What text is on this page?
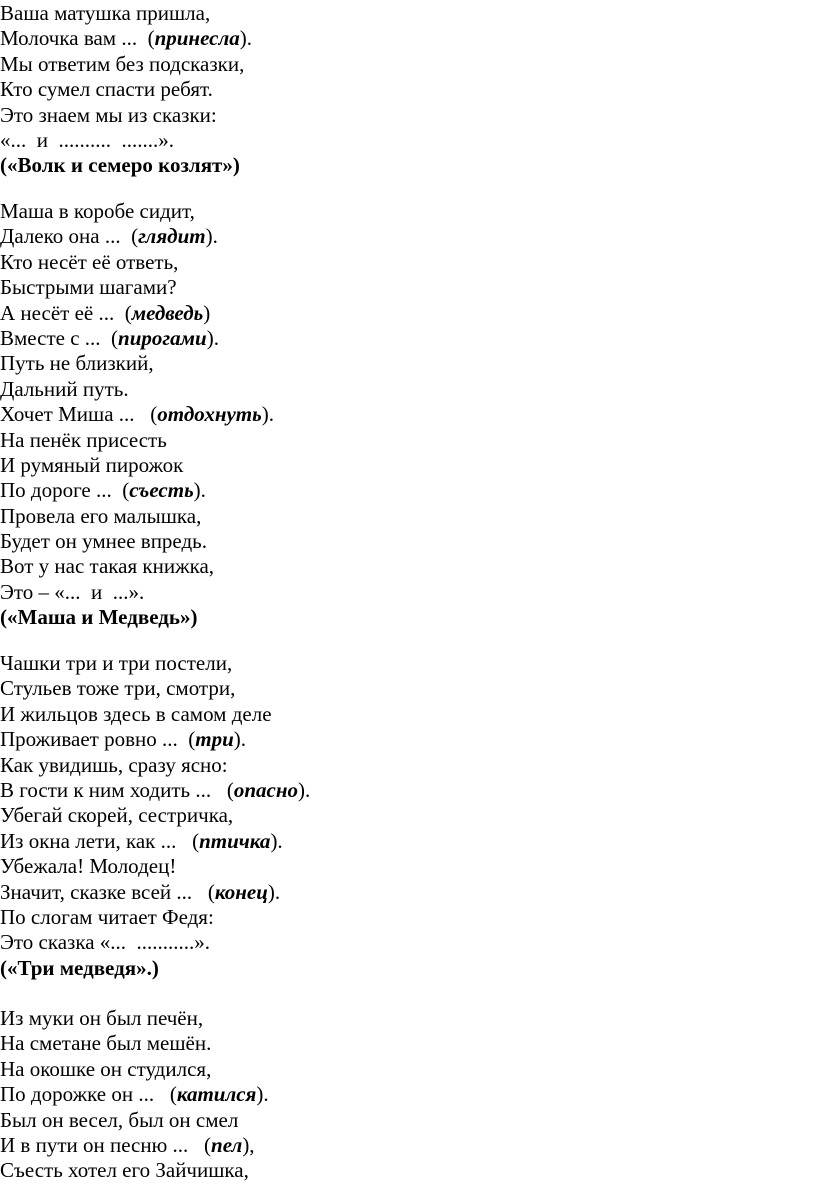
Ваша матушка пришла,
Молочка вам ...  (принесла).
Мы ответим без подсказки,
Кто сумел спасти ребят.
Это знаем мы из сказки:
«...  и  ..........  .......».
(«Волк и семеро козлят»)
Маша в коробе сидит,
Далеко она ...  (глядит).
Кто несёт её ответь,
Быстрыми шагами?
А несёт её ...  (медведь)
Вместе с ...  (пирогами).
Путь не близкий,
Дальний путь.
Хочет Миша ...   (отдохнуть).
На пенёк присесть
И румяный пирожок
По дороге ...  (съесть).
Провела его малышка,
Будет он умнее впредь.
Вот у нас такая книжка,
Это – «...  и  ...».
(«Маша и Медведь»)
Чашки три и три постели,
Стульев тоже три, смотри,
И жильцов здесь в самом деле
Проживает ровно ...  (три).
Как увидишь, сразу ясно:
В гости к ним ходить ...   (опасно).
Убегай скорей, сестричка,
Из окна лети, как ...   (птичка).
Убежала! Молодец!
Значит, сказке всей ...   (конец).
По слогам читает Федя:
Это сказка «...  ...........».
(«Три медведя».)
Из муки он был печён,
На сметане был мешён.
На окошке он студился,
По дорожке он ...   (катился).
Был он весел, был он смел
И в пути он песню ...   (пел),
Съесть хотел его Зайчишка,
